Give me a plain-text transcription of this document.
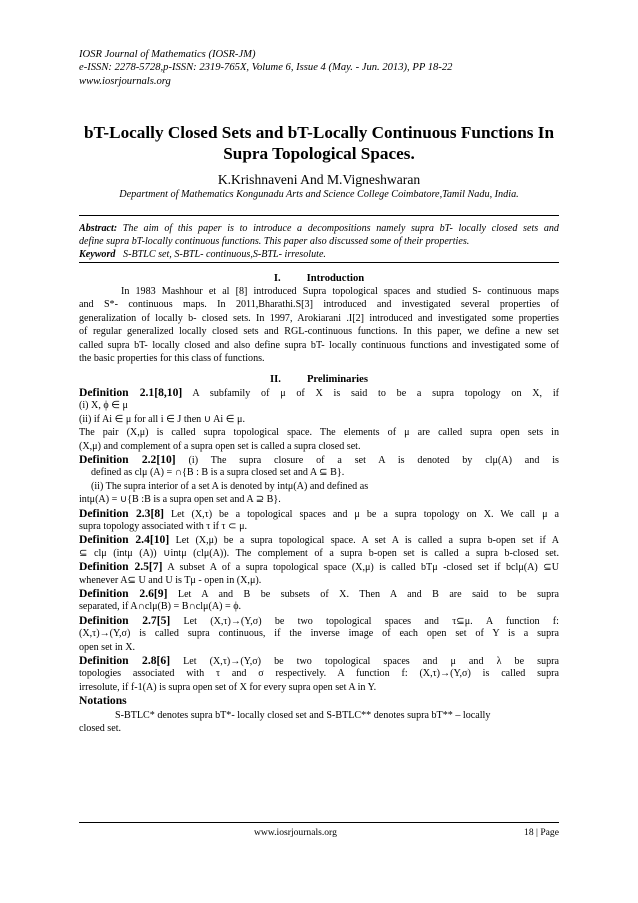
IOSR Journal of Mathematics (IOSR-JM)
e-ISSN: 2278-5728,p-ISSN: 2319-765X, Volume 6, Issue 4 (May. - Jun. 2013), PP 18-22
www.iosrjournals.org
bT-Locally Closed Sets and bT-Locally Continuous Functions In
Supra Topological Spaces.
K.Krishnaveni And M.Vigneshwaran
Department of Mathematics Kongunadu Arts and Science College Coimbatore,Tamil Nadu, India.
Abstract: The aim of this paper is to introduce a decompositions namely supra bT- locally closed sets and
define supra bT-locally continuous functions. This paper also discussed some of their properties.
Keyword S-BTLC set, S-BTL- continuous,S-BTL- irresolute.
I. Introduction
In 1983 Mashhour et al [8] introduced Supra topological spaces and studied S- continuous maps
and S*- continuous maps. In 2011,Bharathi.S[3] introduced and investigated several properties of
generalization of locally b- closed sets. In 1997, Arokiarani .I[2] introduced and investigated some properties
of regular generalized locally closed sets and RGL-continuous functions. In this paper, we define a new set
called supra bT- locally closed and also define supra bT- locally continuous functions and investigated some of
the basic properties for this class of functions.
II. Preliminaries
Definition 2.1[8,10] A subfamily of μ of X is said to be a supra topology on X, if
(i) X, ϕ ∈ μ
(ii) if Ai ∈ μ for all i ∈ J then ∪ Ai ∈ μ.
The pair (X,μ) is called supra topological space. The elements of μ are called supra open sets in
(X,μ) and complement of a supra open set is called a supra closed set.
Definition 2.2[10] (i) The supra closure of a set A is denoted by clμ(A) and is
defined as clμ (A) = ∩{B : B is a supra closed set and A ⊆ B}.
(ii) The supra interior of a set A is denoted by intμ(A) and defined as
intμ(A) = ∪{B :B is a supra open set and A ⊇ B}.
Definition 2.3[8] Let (X,τ) be a topological spaces and μ be a supra topology on X. We call μ a
supra topology associated with τ if τ ⊂ μ.
Definition 2.4[10] Let (X,μ) be a supra topological space. A set A is called a supra b-open set if A
⊆ clμ (intμ (A)) ∪intμ (clμ(A)). The complement of a supra b-open set is called a supra b-closed set.
Definition 2.5[7] A subset A of a supra topological space (X,μ) is called bTμ -closed set if bclμ(A) ⊆U
whenever A⊆ U and U is Tμ - open in (X,μ).
Definition 2.6[9] Let A and B be subsets of X. Then A and B are said to be supra
separated, if A∩clμ(B) = B∩clμ(A) = ϕ.
Definition 2.7[5] Let (X,τ)→(Y,σ) be two topological spaces and τ⊆μ. A function f:
(X,τ)→(Y,σ) is called supra continuous, if the inverse image of each open set of Y is a supra
open set in X.
Definition 2.8[6] Let (X,τ)→(Y,σ) be two topological spaces and μ and λ be supra
topologies associated with τ and σ respectively. A function f: (X,τ)→(Y,σ) is called supra
irresolute, if f-1(A) is supra open set of X for every supra open set A in Y.
Notations
S-BTLC* denotes supra bT*- locally closed set and S-BTLC** denotes supra bT** – locally
closed set.
www.iosrjournals.org	18 | Page
